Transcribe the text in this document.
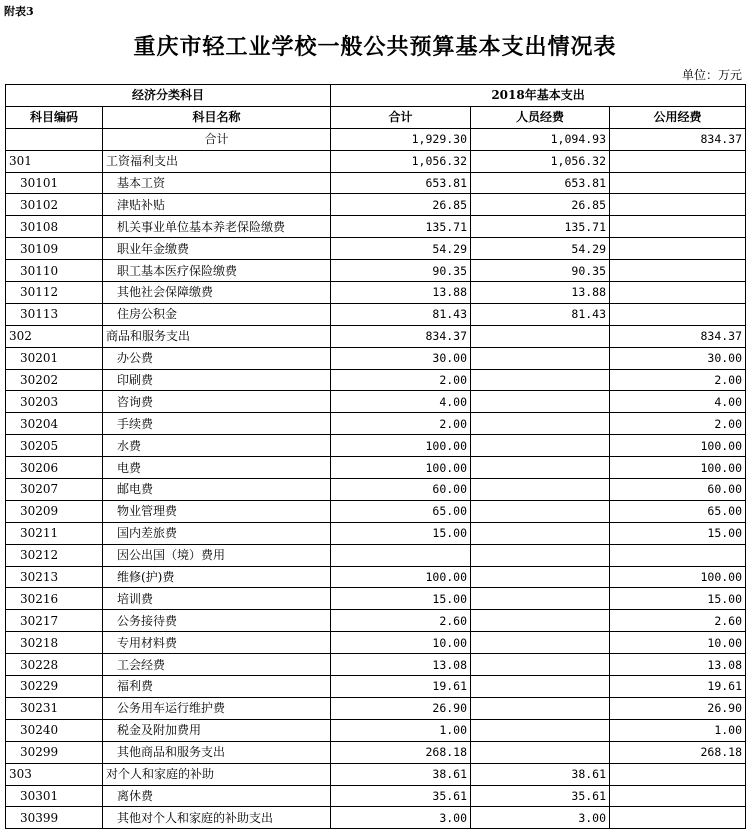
附表3
重庆市轻工业学校一般公共预算基本支出情况表
单位：万元
经济分类科目		2018年基本支出		
科目编码	科目名称	合计	人员经费	公用经费
	合计	1,929.30	1,094.93	834.37
301	工资福利支出	1,056.32	1,056.32	
30101	基本工资	653.81	653.81	
30102	津贴补贴	26.85	26.85	
30108	机关事业单位基本养老保险缴费	135.71	135.71	
30109	职业年金缴费	54.29	54.29	
30110	职工基本医疗保险缴费	90.35	90.35	
30112	其他社会保障缴费	13.88	13.88	
30113	住房公积金	81.43	81.43	
302	商品和服务支出	834.37		834.37
30201	办公费	30.00		30.00
30202	印刷费	2.00		2.00
30203	咨询费	4.00		4.00
30204	手续费	2.00		2.00
30205	水费	100.00		100.00
30206	电费	100.00		100.00
30207	邮电费	60.00		60.00
30209	物业管理费	65.00		65.00
30211	国内差旅费	15.00		15.00
30212	因公出国（境）费用			
30213	维修(护)费	100.00		100.00
30216	培训费	15.00		15.00
30217	公务接待费	2.60		2.60
30218	专用材料费	10.00		10.00
30228	工会经费	13.08		13.08
30229	福利费	19.61		19.61
30231	公务用车运行维护费	26.90		26.90
30240	税金及附加费用	1.00		1.00
30299	其他商品和服务支出	268.18		268.18
303	对个人和家庭的补助	38.61	38.61	
30301	离休费	35.61	35.61	
30399	其他对个人和家庭的补助支出	3.00	3.00	
